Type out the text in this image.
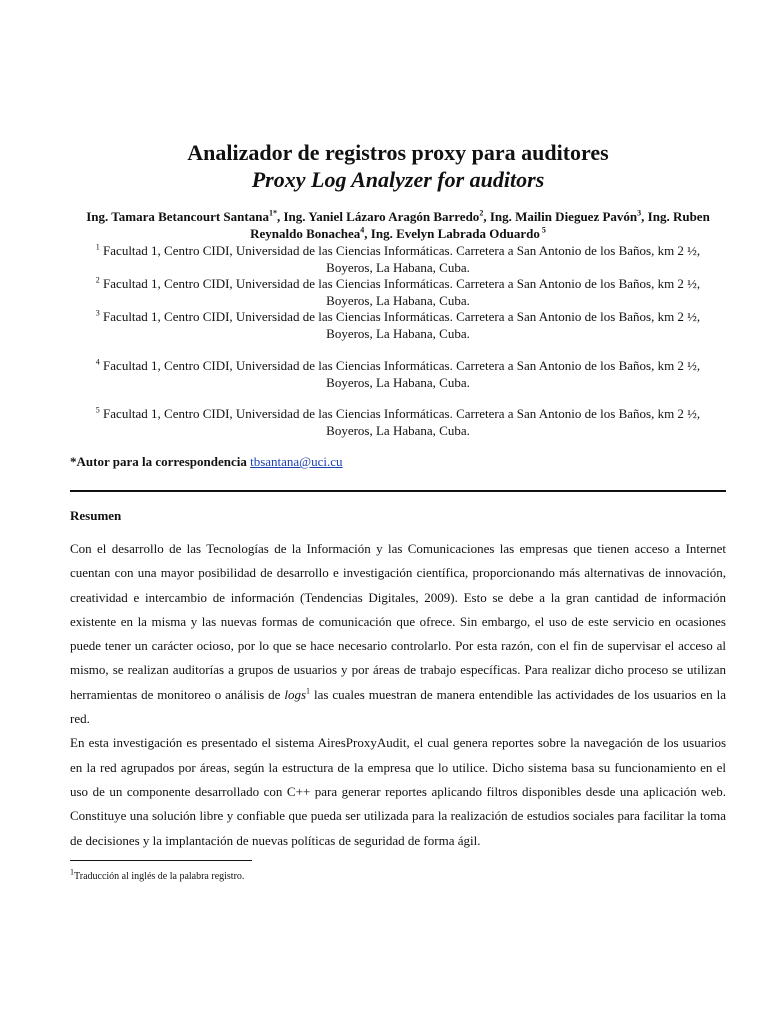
Analizador de registros proxy para auditores
Proxy Log Analyzer for auditors
Ing. Tamara Betancourt Santana$^{1*}$, Ing. Yaniel Lázaro Aragón Barredo$^2$, Ing. Mailin Dieguez Pavón$^3$, Ing. Ruben Reynaldo Bonachea$^4$, Ing. Evelyn Labrada Oduardo $^5$
$^1$ Facultad 1, Centro CIDI, Universidad de las Ciencias Informáticas. Carretera a San Antonio de los Baños, km 2 ½,
Boyeros, La Habana, Cuba.
$^2$ Facultad 1, Centro CIDI, Universidad de las Ciencias Informáticas. Carretera a San Antonio de los Baños, km 2 ½,
Boyeros, La Habana, Cuba.
$^3$ Facultad 1, Centro CIDI, Universidad de las Ciencias Informáticas. Carretera a San Antonio de los Baños, km 2 ½,
Boyeros, La Habana, Cuba.
$^4$ Facultad 1, Centro CIDI, Universidad de las Ciencias Informáticas. Carretera a San Antonio de los Baños, km 2 ½,
Boyeros, La Habana, Cuba.
$^5$ Facultad 1, Centro CIDI, Universidad de las Ciencias Informáticas. Carretera a San Antonio de los Baños, km 2 ½,
Boyeros, La Habana, Cuba.
*Autor para la correspondencia tbsantana@uci.cu
Resumen

Con el desarrollo de las Tecnologías de la Información y las Comunicaciones las empresas que tienen acceso a Internet cuentan con una mayor posibilidad de desarrollo e investigación científica, proporcionando más alternativas de innovación, creatividad e intercambio de información (Tendencias Digitales, 2009). Esto se debe a la gran cantidad de información existente en la misma y las nuevas formas de comunicación que ofrece. Sin embargo, el uso de este servicio en ocasiones puede tener un carácter ocioso, por lo que se hace necesario controlarlo. Por esta razón, con el fin de supervisar el acceso al mismo, se realizan auditorías a grupos de usuarios y por áreas de trabajo específicas. Para realizar dicho proceso se utilizan herramientas de monitoreo o análisis de logs$^1$ las cuales muestran de manera entendible las actividades de los usuarios en la red.

En esta investigación es presentado el sistema AiresProxyAudit, el cual genera reportes sobre la navegación de los usuarios en la red agrupados por áreas, según la estructura de la empresa que lo utilice. Dicho sistema basa su funcionamiento en el uso de un componente desarrollado con C++ para generar reportes aplicando filtros disponibles desde una aplicación web. Constituye una solución libre y confiable que pueda ser utilizada para la realización de estudios sociales para facilitar la toma de decisiones y la implantación de nuevas políticas de seguridad de forma ágil.

$^1$Traducción al inglés de la palabra registro.
